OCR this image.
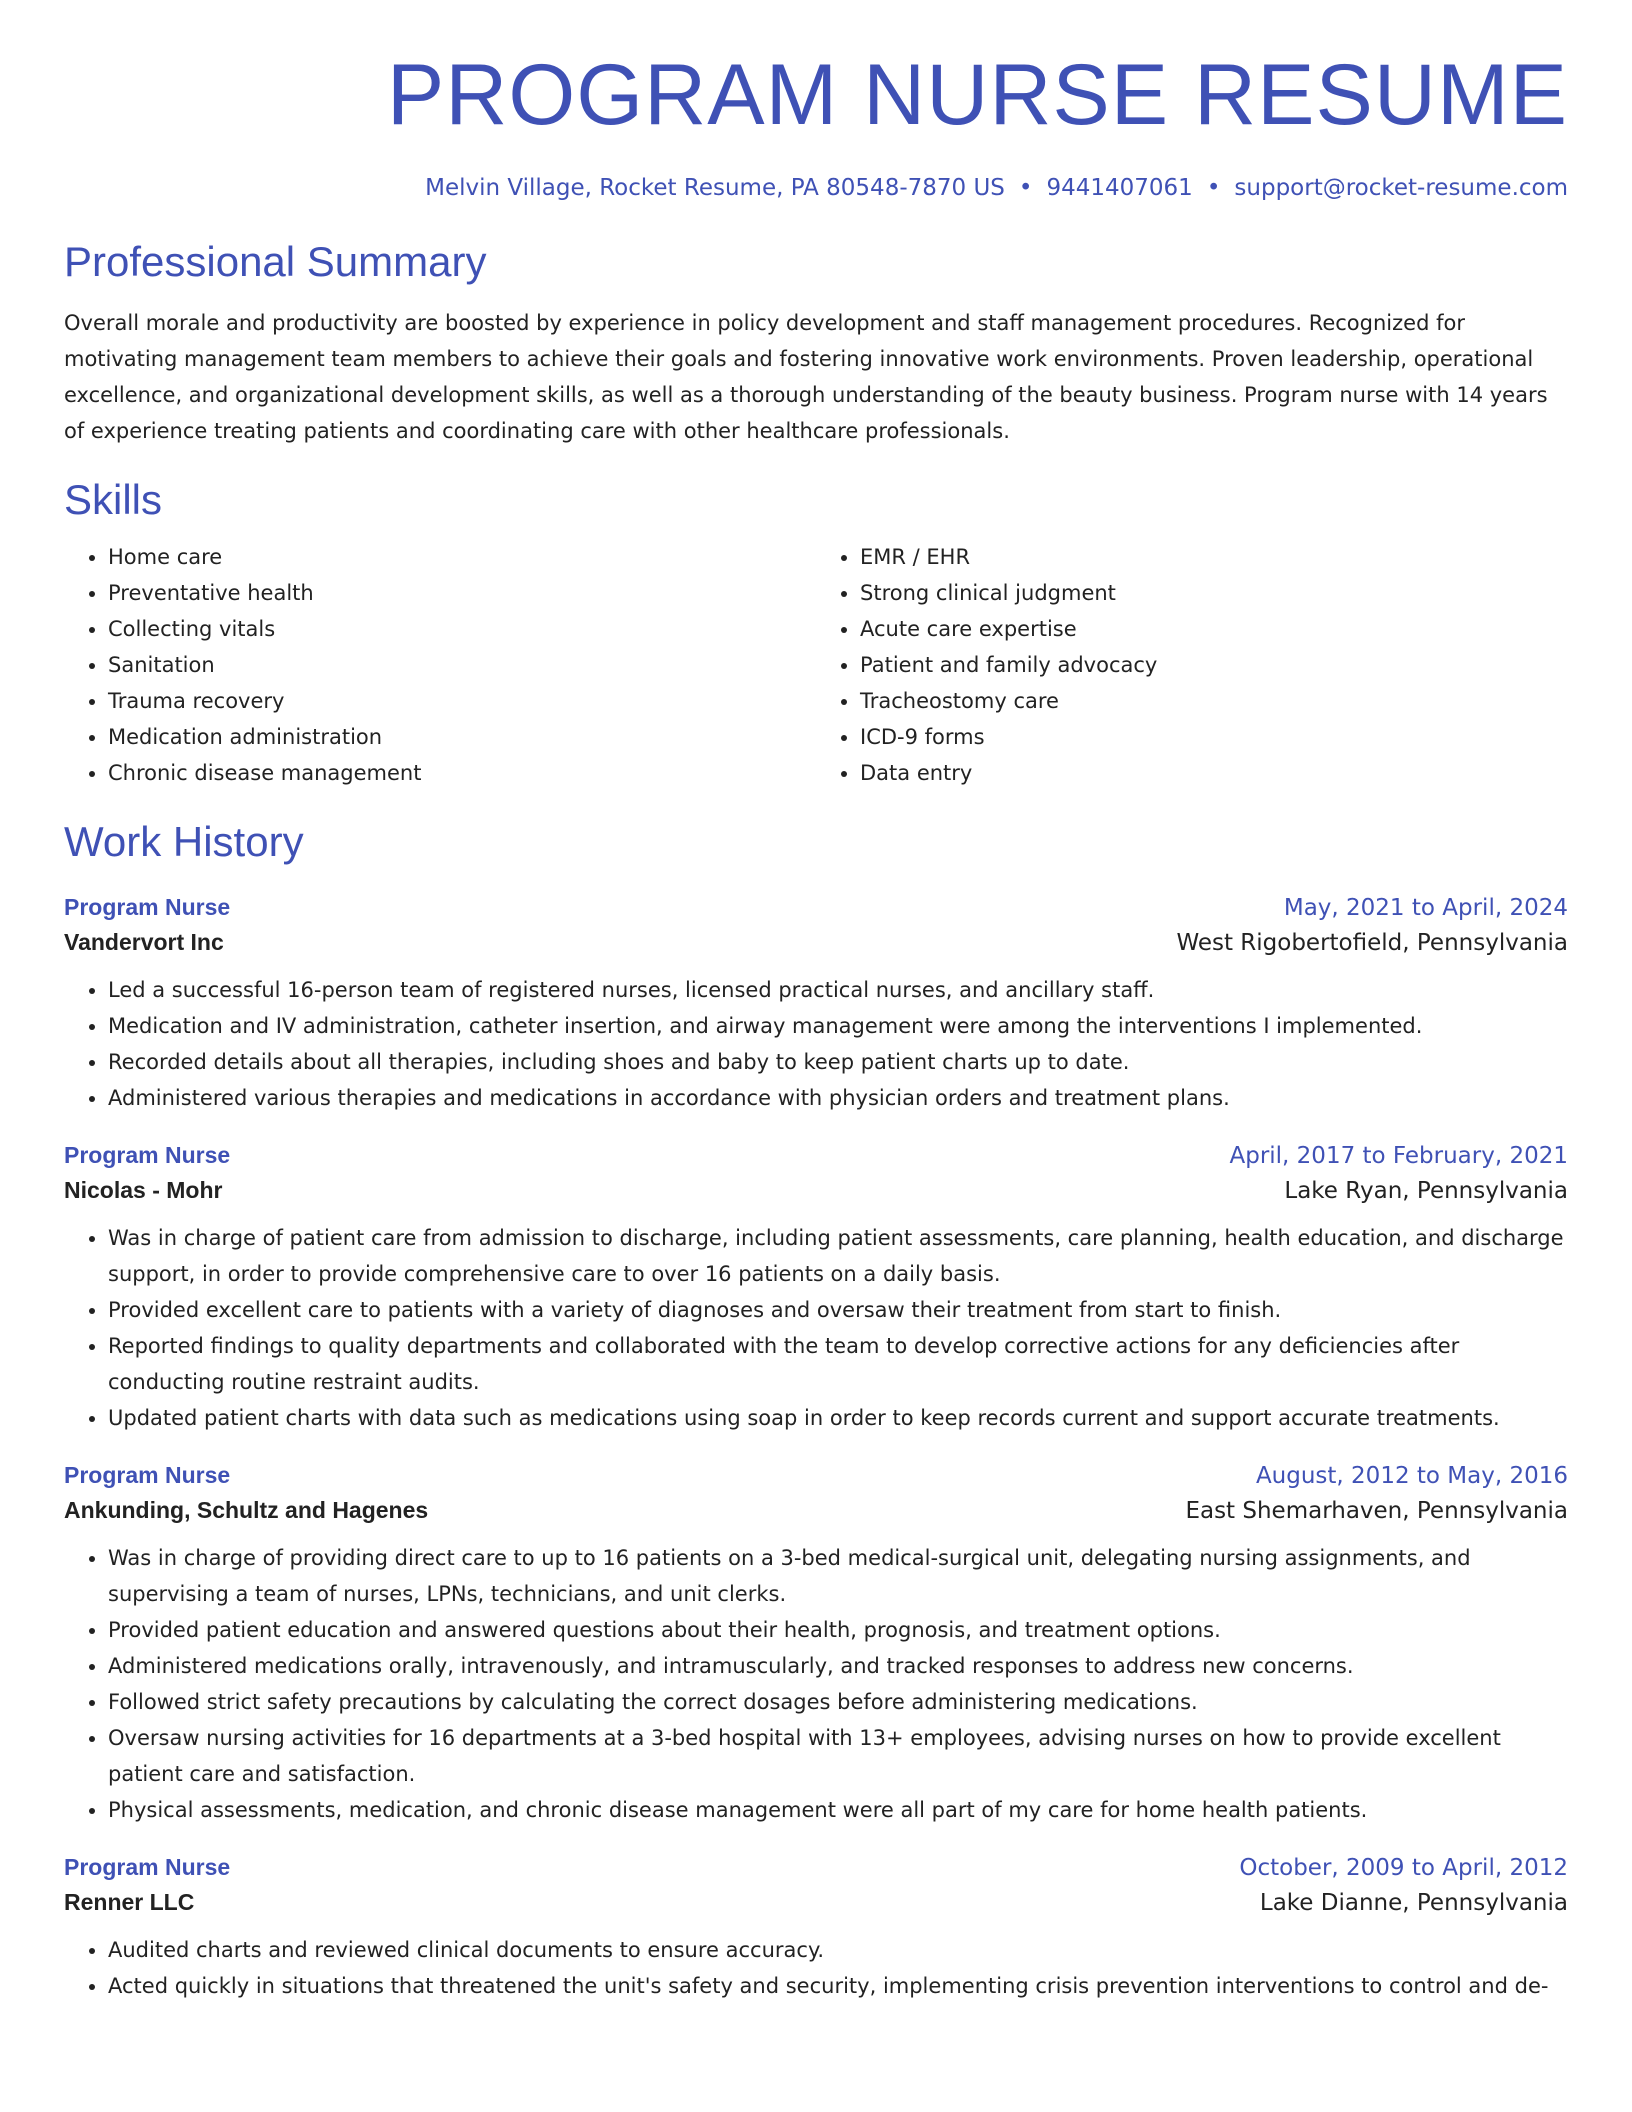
PROGRAM NURSE RESUME
Melvin Village, Rocket Resume, PA 80548-7870 US • 9441407061 • support@rocket-resume.com
Professional Summary
Overall morale and productivity are boosted by experience in policy development and staff management procedures. Recognized for motivating management team members to achieve their goals and fostering innovative work environments. Proven leadership, operational excellence, and organizational development skills, as well as a thorough understanding of the beauty business. Program nurse with 14 years of experience treating patients and coordinating care with other healthcare professionals.
Skills
• Home care
• Preventative health
• Collecting vitals
• Sanitation
• Trauma recovery
• Medication administration
• Chronic disease management
• EMR / EHR
• Strong clinical judgment
• Acute care expertise
• Patient and family advocacy
• Tracheostomy care
• ICD-9 forms
• Data entry
Work History
Program Nurse	May, 2021 to April, 2024
Vandervort Inc	West Rigobertofield, Pennsylvania
• Led a successful 16-person team of registered nurses, licensed practical nurses, and ancillary staff.
• Medication and IV administration, catheter insertion, and airway management were among the interventions I implemented.
• Recorded details about all therapies, including shoes and baby to keep patient charts up to date.
• Administered various therapies and medications in accordance with physician orders and treatment plans.
Program Nurse	April, 2017 to February, 2021
Nicolas - Mohr	Lake Ryan, Pennsylvania
• Was in charge of patient care from admission to discharge, including patient assessments, care planning, health education, and discharge support, in order to provide comprehensive care to over 16 patients on a daily basis.
• Provided excellent care to patients with a variety of diagnoses and oversaw their treatment from start to finish.
• Reported findings to quality departments and collaborated with the team to develop corrective actions for any deficiencies after conducting routine restraint audits.
• Updated patient charts with data such as medications using soap in order to keep records current and support accurate treatments.
Program Nurse	August, 2012 to May, 2016
Ankunding, Schultz and Hagenes	East Shemarhaven, Pennsylvania
• Was in charge of providing direct care to up to 16 patients on a 3-bed medical-surgical unit, delegating nursing assignments, and supervising a team of nurses, LPNs, technicians, and unit clerks.
• Provided patient education and answered questions about their health, prognosis, and treatment options.
• Administered medications orally, intravenously, and intramuscularly, and tracked responses to address new concerns.
• Followed strict safety precautions by calculating the correct dosages before administering medications.
• Oversaw nursing activities for 16 departments at a 3-bed hospital with 13+ employees, advising nurses on how to provide excellent patient care and satisfaction.
• Physical assessments, medication, and chronic disease management were all part of my care for home health patients.
Program Nurse	October, 2009 to April, 2012
Renner LLC	Lake Dianne, Pennsylvania
• Audited charts and reviewed clinical documents to ensure accuracy.
• Acted quickly in situations that threatened the unit's safety and security, implementing crisis prevention interventions to control and de-
